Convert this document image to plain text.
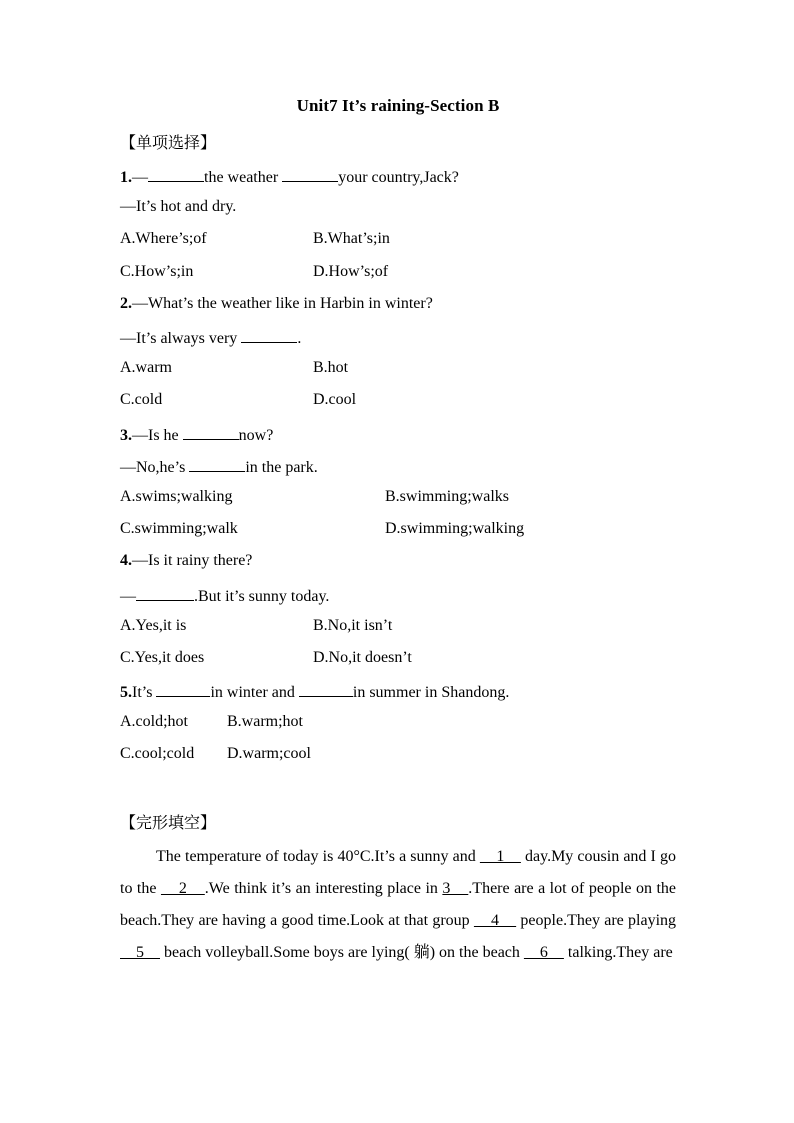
Unit7 It’s raining-Section B
【单项选择】
1.—	the weather	your country,Jack?
—It’s hot and dry.
A.Where’s;of	B.What’s;in
C.How’s;in	D.How’s;of
2.—What’s the weather like in Harbin in winter?
—It’s always very	.
A.warm	B.hot
C.cold	D.cool
3.—Is he	now?
—No,he’s	in the park.
A.swims;walking	B.swimming;walks
C.swimming;walk	D.swimming;walking
4.—Is it rainy there?
—	.But it’s sunny today.
A.Yes,it is	B.No,it isn’t
C.Yes,it does	D.No,it doesn’t
5.It’s	in winter and	in summer in Shandong.
A.cold;hot B.warm;hot
C.cool;cold D.warm;cool
【完形填空】
The temperature of today is 40°C.It’s a sunny and     1     day.My cousin and I go to the     2    .We think it’s an interesting place in 3    .There are a lot of people on the beach.They are having a good time.Look at that group     4     people.They are playing     5     beach volleyball.Some boys are lying( 躺) on the beach     6     talking.They are
